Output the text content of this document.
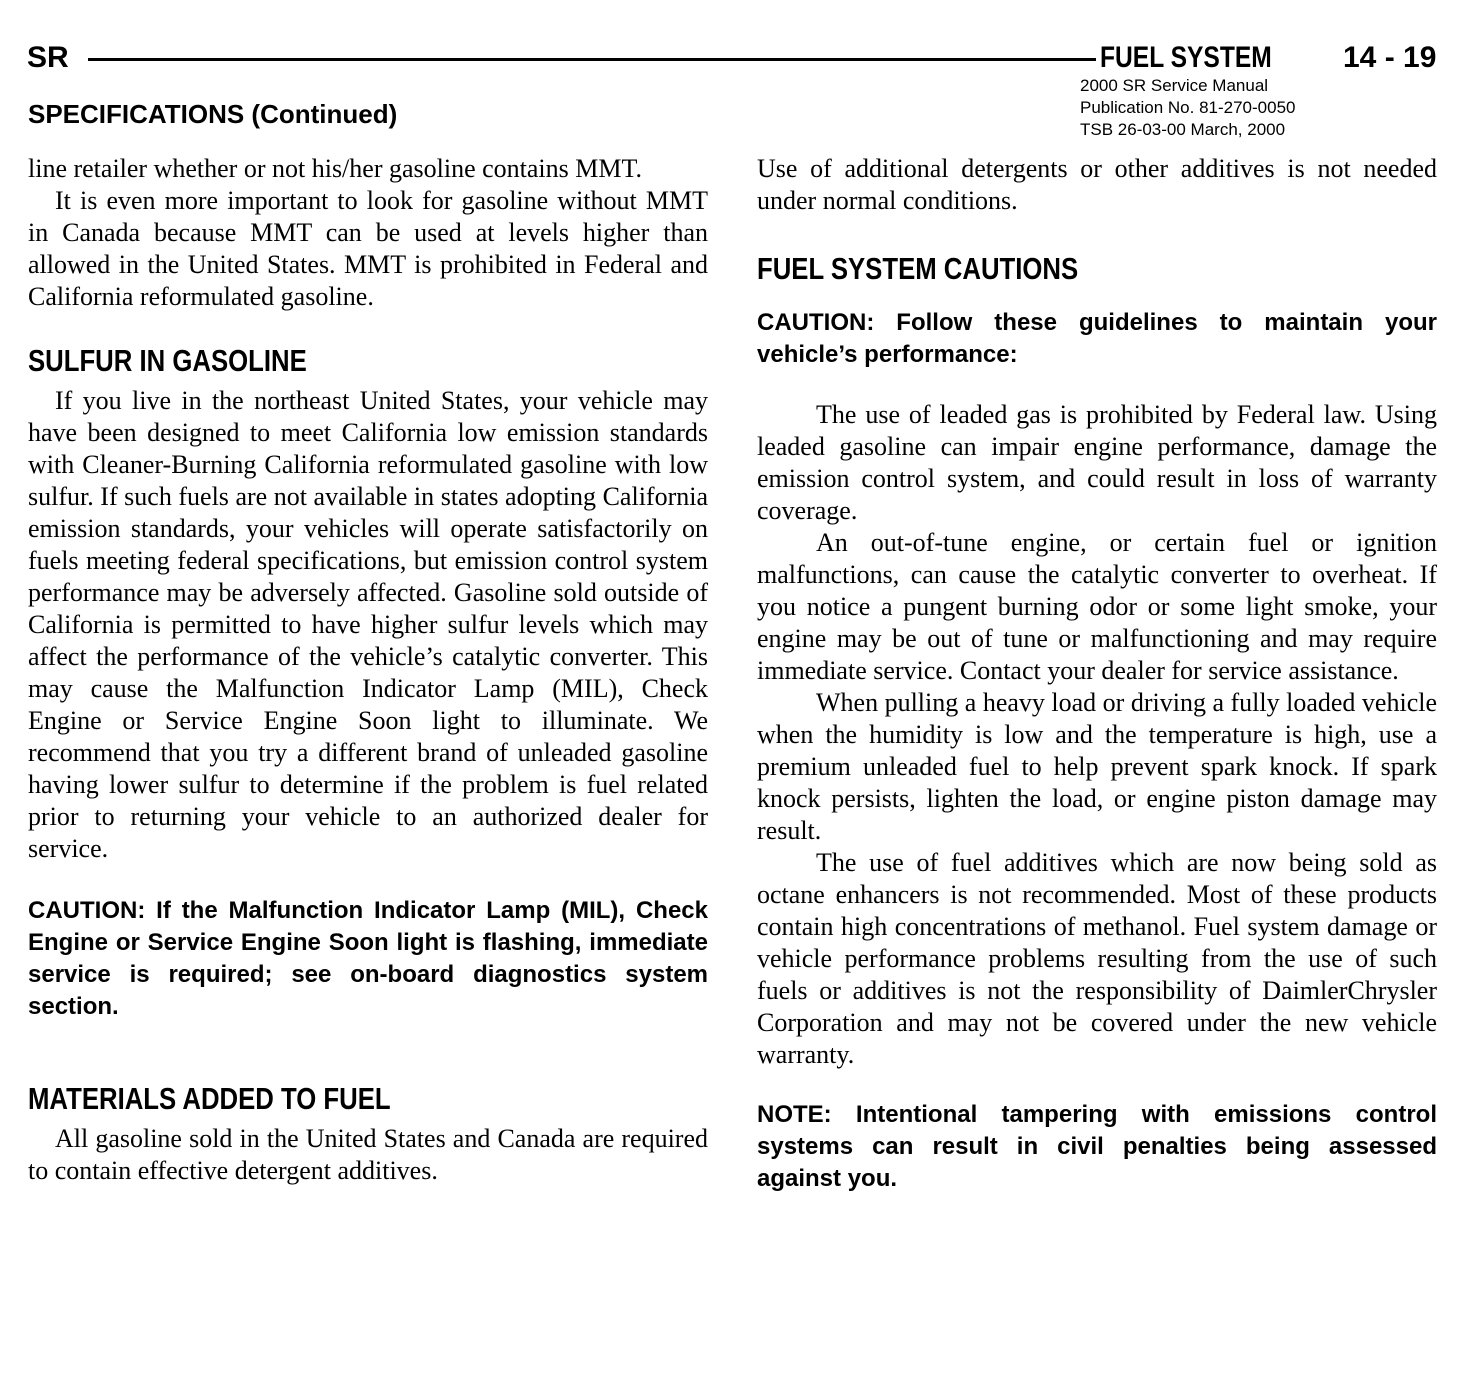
SR	FUEL SYSTEM 14 - 19
2000 SR Service Manual
Publication No. 81-270-0050
TSB 26-03-00 March, 2000
SPECIFICATIONS (Continued)

line retailer whether or not his/her gasoline contains MMT.

It is even more important to look for gasoline without MMT in Canada because MMT can be used at levels higher than allowed in the United States. MMT is prohibited in Federal and California reformulated gasoline.

SULFUR IN GASOLINE

If you live in the northeast United States, your vehicle may have been designed to meet California low emission standards with Cleaner-Burning California reformulated gasoline with low sulfur. If such fuels are not available in states adopting California emission standards, your vehicles will operate satisfactorily on fuels meeting federal specifications, but emission control system performance may be adversely affected. Gasoline sold outside of California is permitted to have higher sulfur levels which may affect the performance of the vehicle’s catalytic converter. This may cause the Malfunction Indicator Lamp (MIL), Check Engine or Service Engine Soon light to illuminate. We recommend that you try a different brand of unleaded gasoline having lower sulfur to determine if the problem is fuel related prior to returning your vehicle to an authorized dealer for service.

CAUTION: If the Malfunction Indicator Lamp (MIL), Check Engine or Service Engine Soon light is flashing, immediate service is required; see on-board diagnostics system section.

MATERIALS ADDED TO FUEL

All gasoline sold in the United States and Canada are required to contain effective detergent additives.

Use of additional detergents or other additives is not needed under normal conditions.

FUEL SYSTEM CAUTIONS

CAUTION: Follow these guidelines to maintain your vehicle’s performance:

The use of leaded gas is prohibited by Federal law. Using leaded gasoline can impair engine performance, damage the emission control system, and could result in loss of warranty coverage.

An out-of-tune engine, or certain fuel or ignition malfunctions, can cause the catalytic converter to overheat. If you notice a pungent burning odor or some light smoke, your engine may be out of tune or malfunctioning and may require immediate service. Contact your dealer for service assistance.

When pulling a heavy load or driving a fully loaded vehicle when the humidity is low and the temperature is high, use a premium unleaded fuel to help prevent spark knock. If spark knock persists, lighten the load, or engine piston damage may result.

The use of fuel additives which are now being sold as octane enhancers is not recommended. Most of these products contain high concentrations of methanol. Fuel system damage or vehicle performance problems resulting from the use of such fuels or additives is not the responsibility of DaimlerChrysler Corporation and may not be covered under the new vehicle warranty.

NOTE: Intentional tampering with emissions control systems can result in civil penalties being assessed against you.
